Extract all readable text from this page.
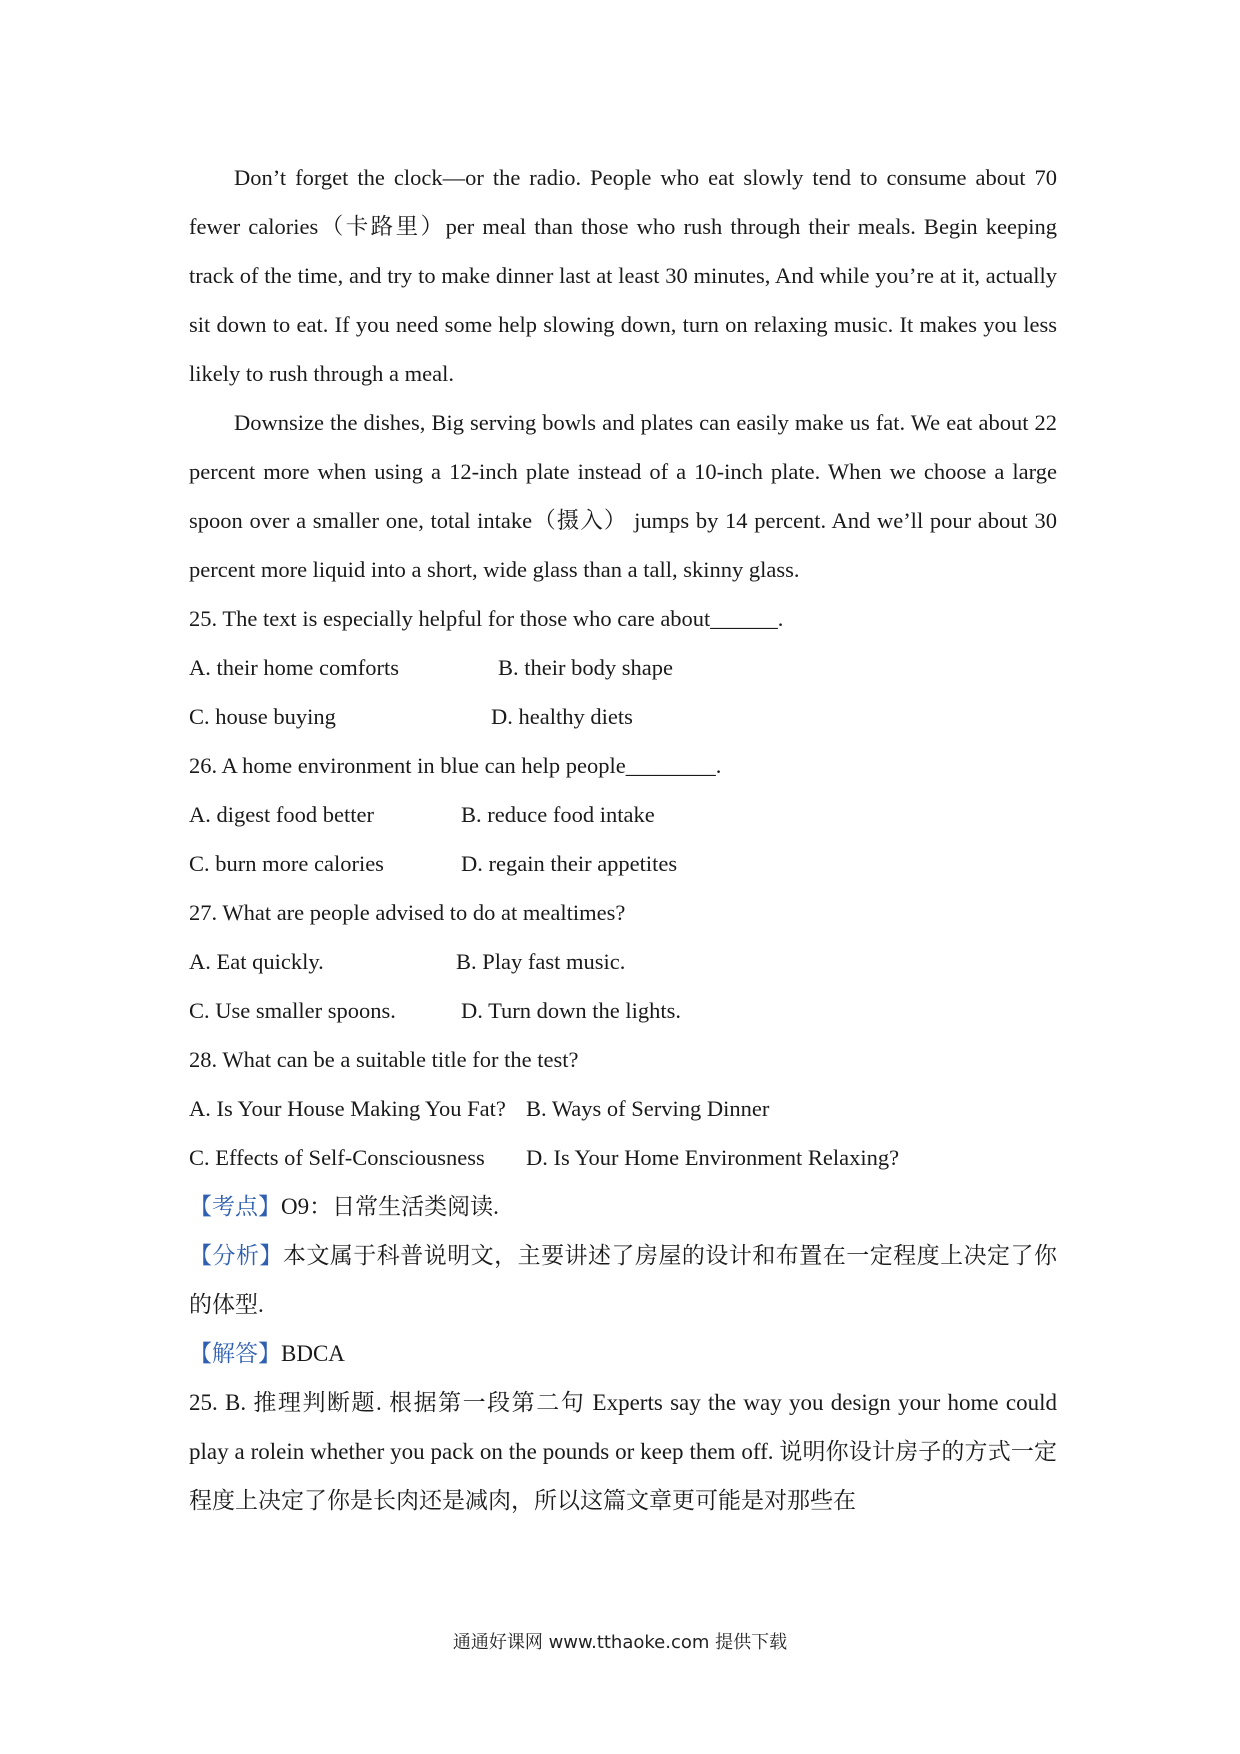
Don’t forget the clock—or the radio. People who eat slowly tend to consume about 70 fewer calories（卡路里）per meal than those who rush through their meals. Begin keeping track of the time, and try to make dinner last at least 30 minutes, And while you’re at it, actually sit down to eat. If you need some help slowing down, turn on relaxing music. It makes you less likely to rush through a meal.

Downsize the dishes, Big serving bowls and plates can easily make us fat. We eat about 22 percent more when using a 12-inch plate instead of a 10-inch plate. When we choose a large spoon over a smaller one, total intake（摄入） jumps by 14 percent. And we’ll pour about 30 percent more liquid into a short, wide glass than a tall, skinny glass.

25. The text is especially helpful for those who care about______.

A. their home comforts	B. their body shape
C. house buying	D. healthy diets

26. A home environment in blue can help people________.

A. digest food better	B. reduce food intake
C. burn more calories	D. regain their appetites

27. What are people advised to do at mealtimes?

A. Eat quickly.	B. Play fast music.
C. Use smaller spoons.	D. Turn down the lights.

28. What can be a suitable title for the test?

A. Is Your House Making You Fat? B. Ways of Serving Dinner
C. Effects of Self-Consciousness D. Is Your Home Environment Relaxing?

【考点】O9：日常生活类阅读.

【分析】本文属于科普说明文，主要讲述了房屋的设计和布置在一定程度上决定了你的体型.

【解答】BDCA

25. B. 推理判断题. 根据第一段第二句 Experts say the way you design your home could play a rolein whether you pack on the pounds or keep them off. 说明你设计房子的方式一定程度上决定了你是长肉还是减肉，所以这篇文章更可能是对那些在

通通好课网 www.tthaoke.com 提供下载
